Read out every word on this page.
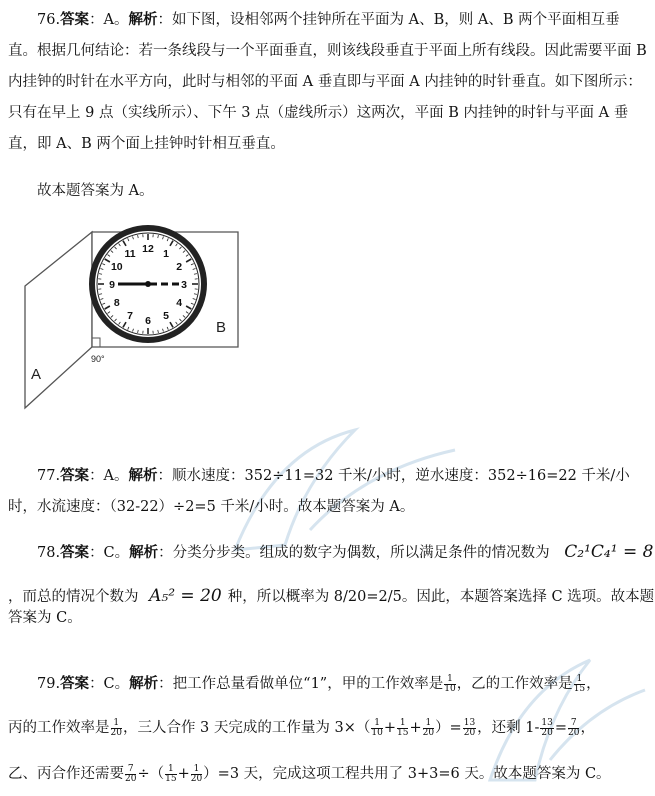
76.答案：A。解析：如下图，设相邻两个挂钟所在平面为 A、B，则 A、B 两个平面相互垂直。根据几何结论：若一条线段与一个平面垂直，则该线段垂直于平面上所有线段。因此需要平面 B 内挂钟的时针在水平方向，此时与相邻的平面 A 垂直即与平面 A 内挂钟的时针垂直。如下图所示：只有在早上 9 点（实线所示）、下午 3 点（虚线所示）这两次，平面 B 内挂钟的时针与平面 A 垂直，即 A、B 两个面上挂钟时针相互垂直。
故本题答案为 A。
12 1
2
3
4
5
6
7
8
9
10
11
A
B
90°
77.答案：A。解析：顺水速度：352÷11=32 千米/小时，逆水速度：352÷16=22 千米/小时，水流速度：（32-22）÷2=5 千米/小时。故本题答案为 A。
78.答案：C。解析：分类分步类。组成的数字为偶数，所以满足条件的情况数为 C₂¹C₄¹ = 8
，而总的情况个数为 A₅² = 20 种，所以概率为 8/20=2/5。因此，本题答案选择 C 选项。故本题答案为 C。
79.答案：C。解析：把工作总量看做单位“1”，甲的工作效率是 $\frac{1}{10}$ ，乙的工作效率是 $\frac{1}{15}$ ，
丙的工作效率是 $\frac{1}{20}$ ，三人合作 3 天完成的工作量为 $3\times( \frac{1}{10} + \frac{1}{15} + \frac{1}{20}$ ）= $\frac{13}{20}$ ，还剩 $1- \frac{13}{20} = \frac{7}{20}$ ，
乙、丙合作还需要 $\frac{7}{20}$ ÷（ $\frac{1}{15} + \frac{1}{20} )=3$ 天，完成这项工程共用了 3+3=6 天。故本题答案为 C。
